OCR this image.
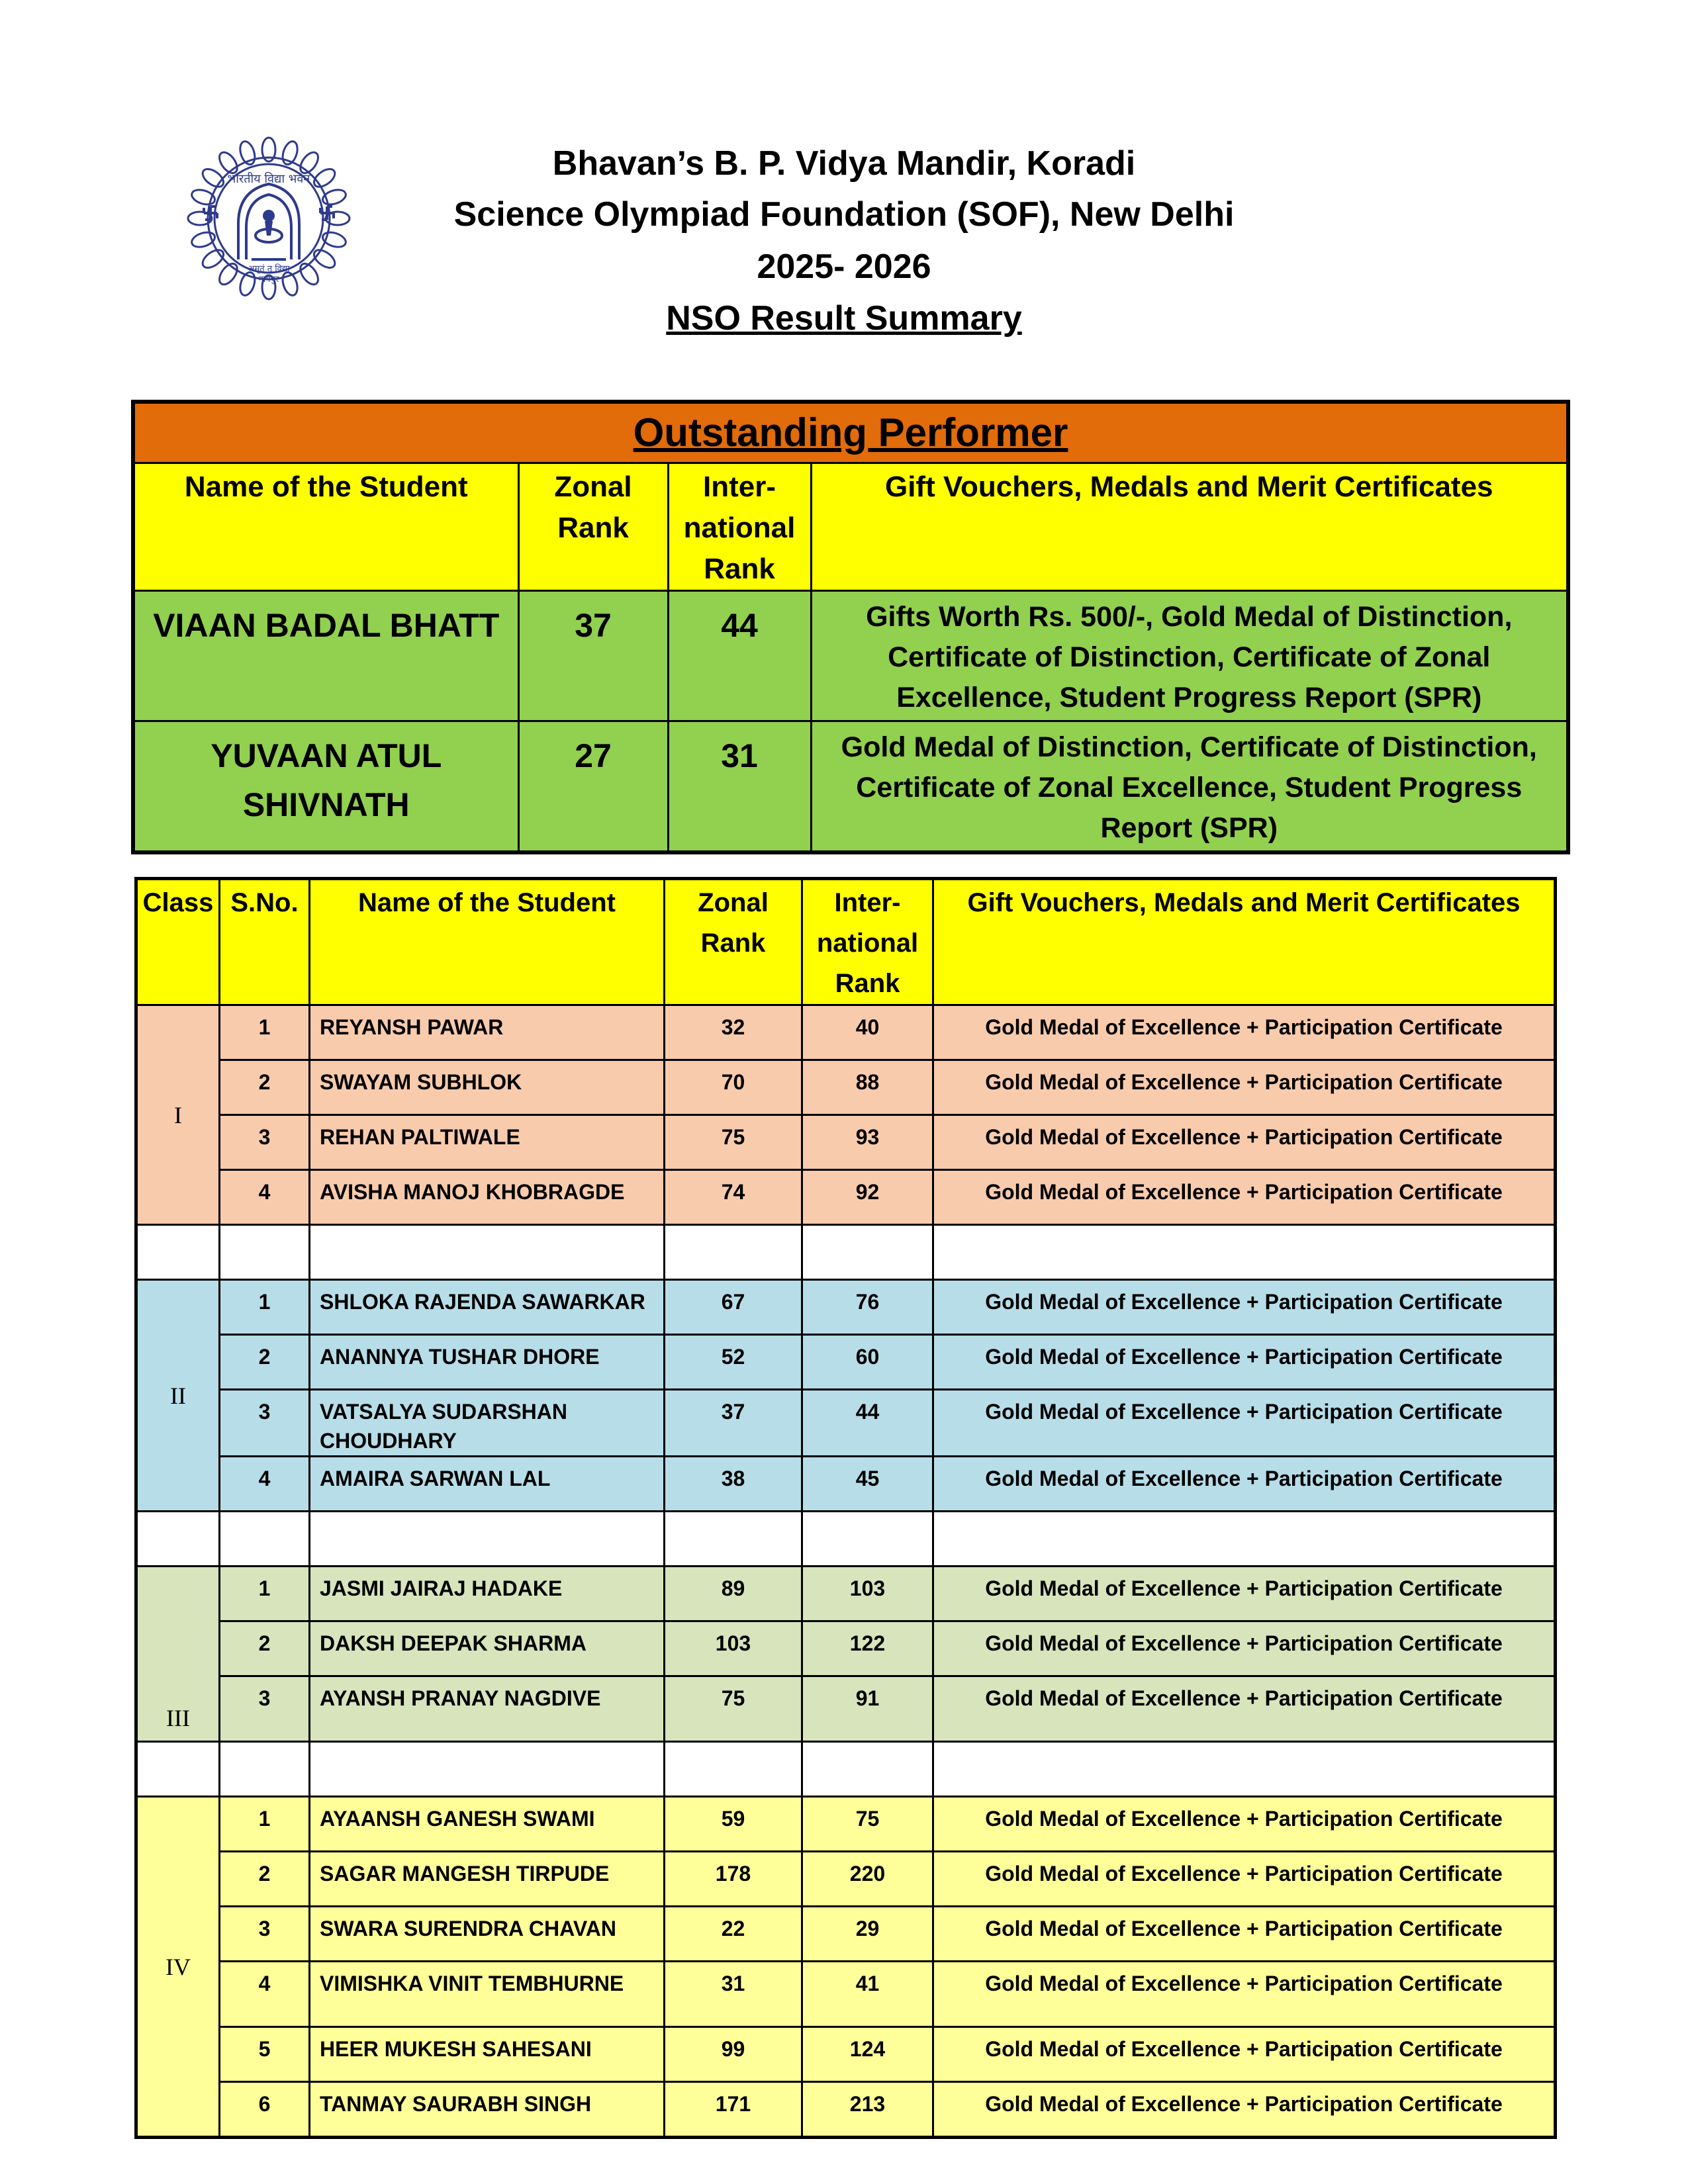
भारतीय विद्या भवन
अमृतं तु विद्या
नागपुर
Bhavan’s B. P. Vidya Mandir, Koradi
Science Olympiad Foundation (SOF), New Delhi
2025- 2026
NSO Result Summary
Outstanding Performer			
Name of the Student	Zonal Rank	Inter- national Rank	Gift Vouchers, Medals and Merit Certificates
VIAAN BADAL BHATT	37	44	Gifts Worth Rs. 500/-, Gold Medal of Distinction, Certificate of Distinction, Certificate of Zonal Excellence, Student Progress Report (SPR)
YUVAAN ATUL SHIVNATH	27	31	Gold Medal of Distinction, Certificate of Distinction, Certificate of Zonal Excellence, Student Progress Report (SPR)
Class	S.No.	Name of the Student	Zonal Rank	Inter- national Rank	Gift Vouchers, Medals and Merit Certificates
I	1	REYANSH PAWAR	32	40	Gold Medal of Excellence + Participation Certificate
	2	SWAYAM SUBHLOK	70	88	Gold Medal of Excellence + Participation Certificate
	3	REHAN PALTIWALE	75	93	Gold Medal of Excellence + Participation Certificate
	4	AVISHA MANOJ KHOBRAGDE	74	92	Gold Medal of Excellence + Participation Certificate

II	1	SHLOKA RAJENDA SAWARKAR	67	76	Gold Medal of Excellence + Participation Certificate
	2	ANANNYA TUSHAR DHORE	52	60	Gold Medal of Excellence + Participation Certificate
	3	VATSALYA SUDARSHAN CHOUDHARY	37	44	Gold Medal of Excellence + Participation Certificate
	4	AMAIRA SARWAN LAL	38	45	Gold Medal of Excellence + Participation Certificate

III	1	JASMI JAIRAJ HADAKE	89	103	Gold Medal of Excellence + Participation Certificate
	2	DAKSH DEEPAK SHARMA	103	122	Gold Medal of Excellence + Participation Certificate
	3	AYANSH PRANAY NAGDIVE	75	91	Gold Medal of Excellence + Participation Certificate

IV	1	AYAANSH GANESH SWAMI	59	75	Gold Medal of Excellence + Participation Certificate
	2	SAGAR MANGESH TIRPUDE	178	220	Gold Medal of Excellence + Participation Certificate
	3	SWARA SURENDRA CHAVAN	22	29	Gold Medal of Excellence + Participation Certificate
	4	VIMISHKA VINIT TEMBHURNE	31	41	Gold Medal of Excellence + Participation Certificate
	5	HEER MUKESH SAHESANI	99	124	Gold Medal of Excellence + Participation Certificate
	6	TANMAY SAURABH SINGH	171	213	Gold Medal of Excellence + Participation Certificate
